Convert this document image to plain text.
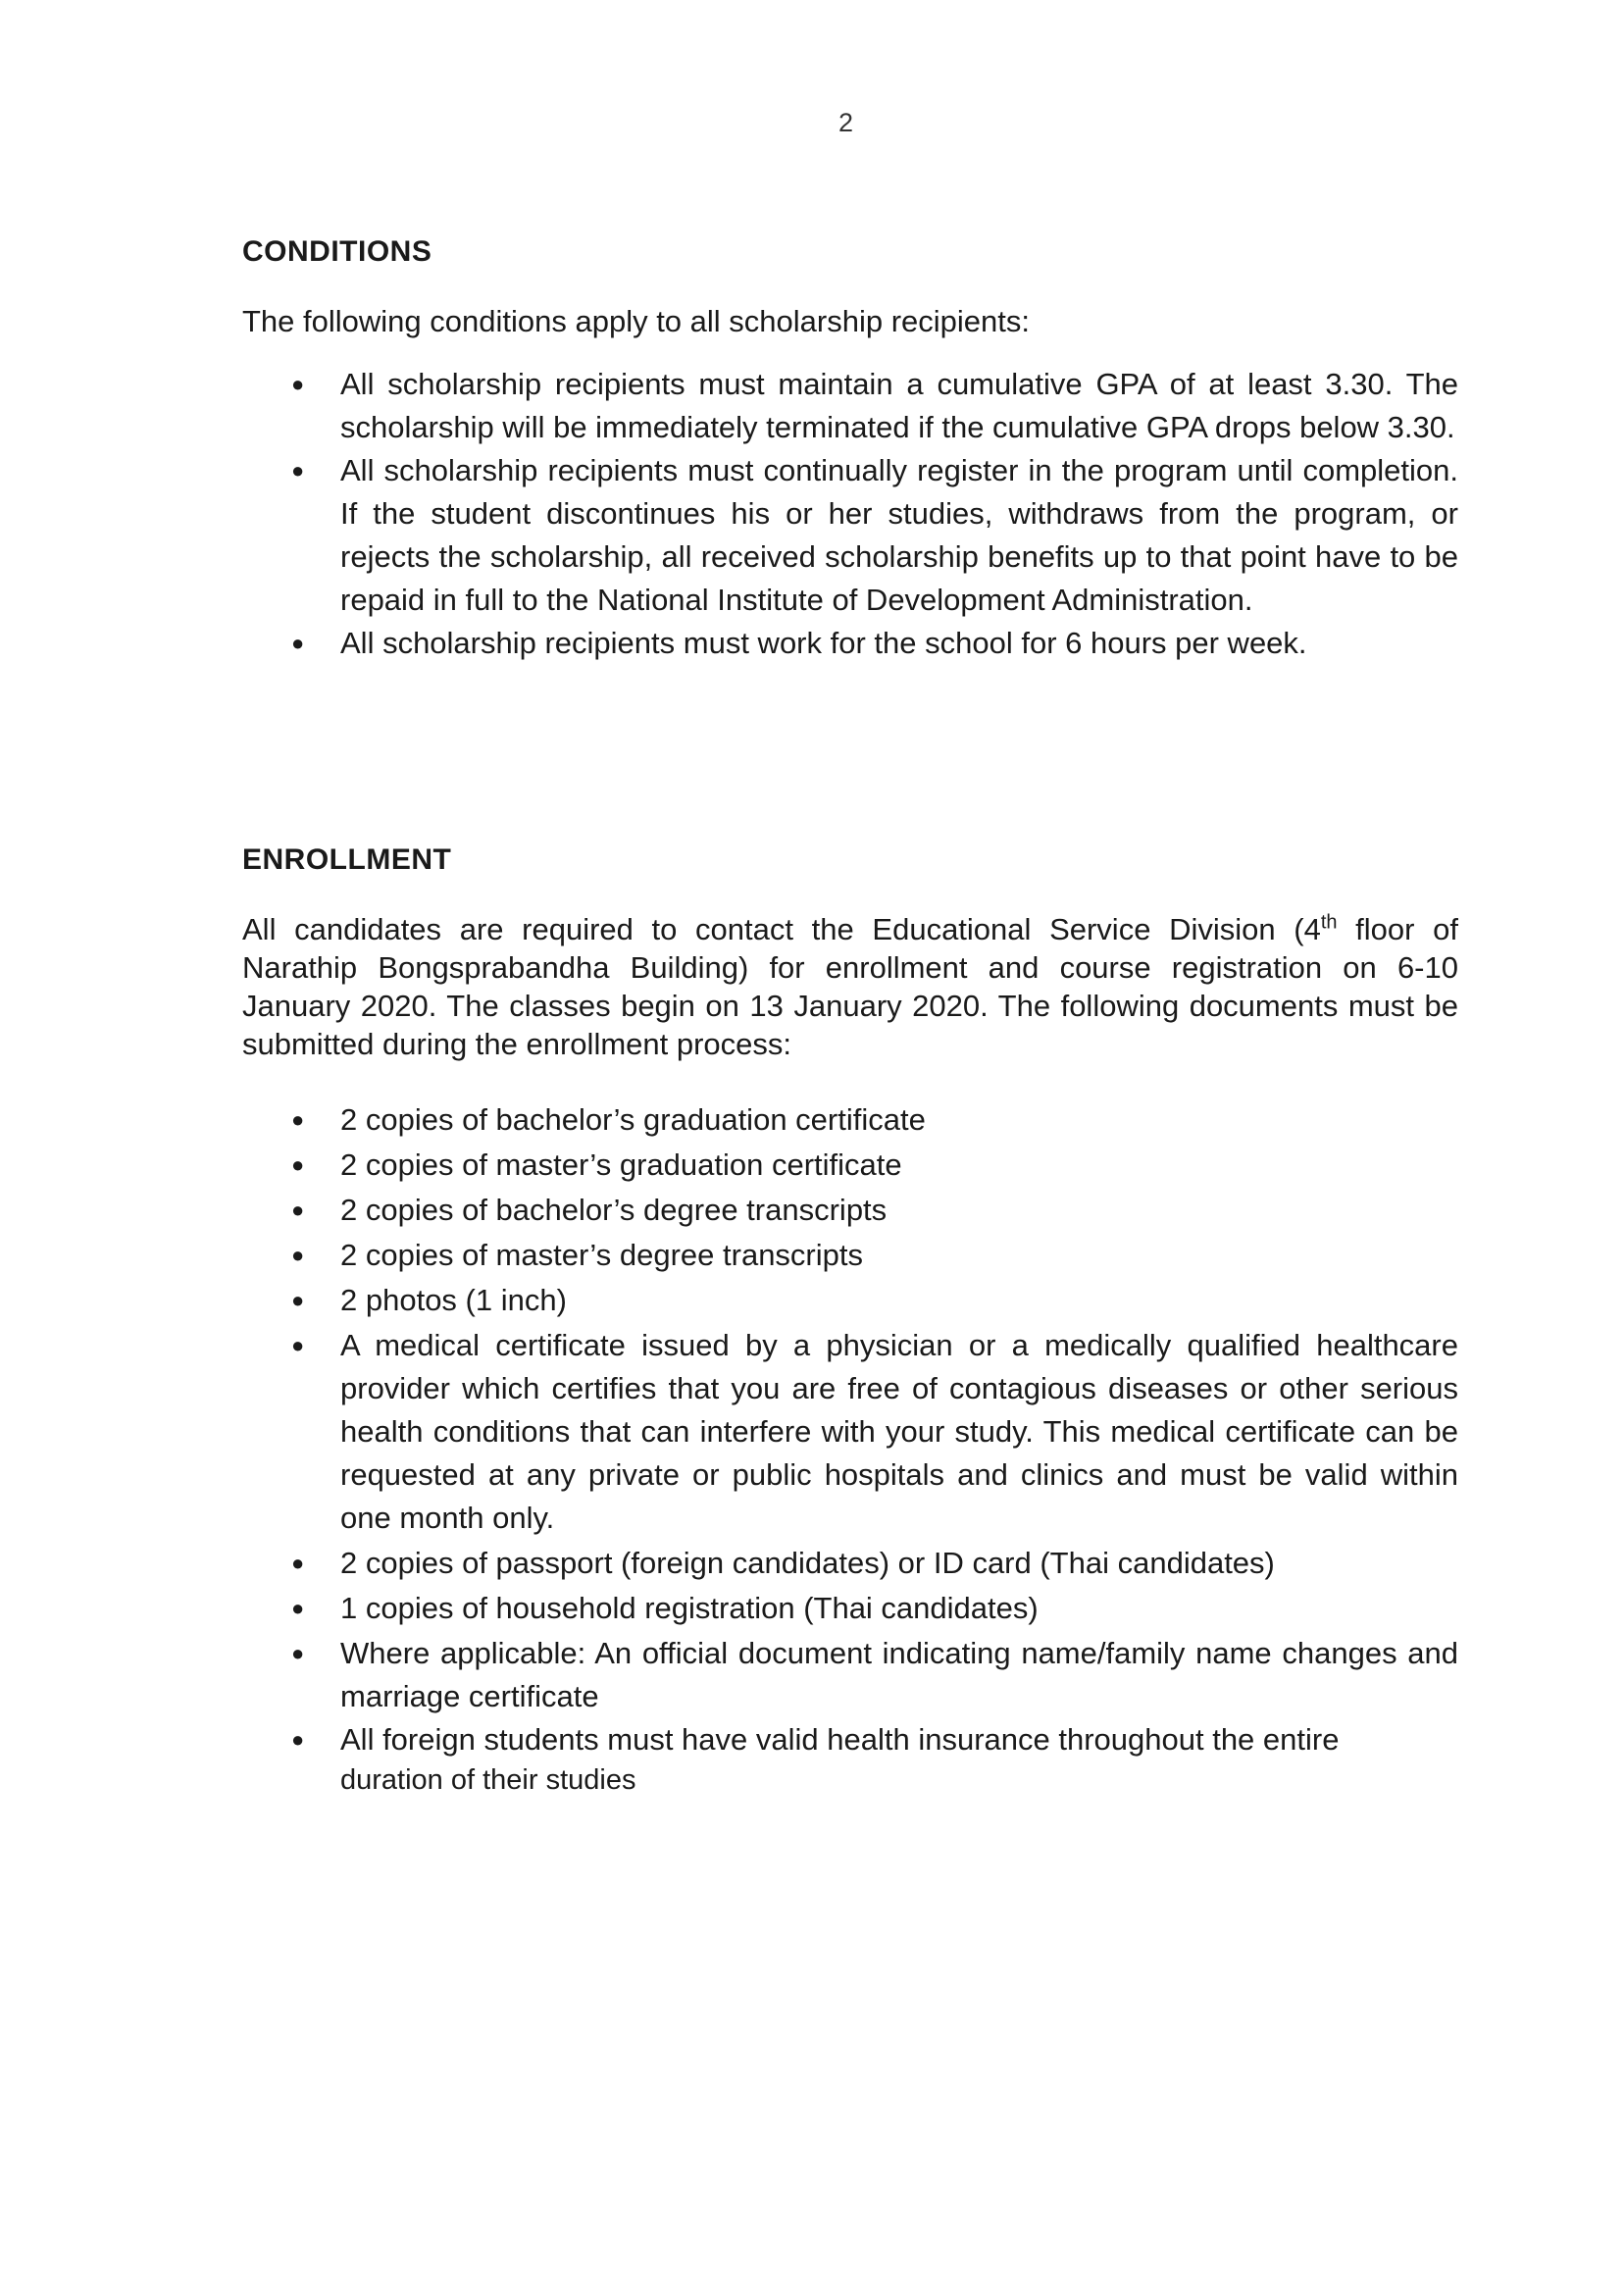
2
CONDITIONS

The following conditions apply to all scholarship recipients:

● All scholarship recipients must maintain a cumulative GPA of at least 3.30. The scholarship will be immediately terminated if the cumulative GPA drops below 3.30.
● All scholarship recipients must continually register in the program until completion. If the student discontinues his or her studies, withdraws from the program, or rejects the scholarship, all received scholarship benefits up to that point have to be repaid in full to the National Institute of Development Administration.
● All scholarship recipients must work for the school for 6 hours per week.
ENROLLMENT

All candidates are required to contact the Educational Service Division (4th floor of Narathip Bongsprabandha Building) for enrollment and course registration on 6-10 January 2020. The classes begin on 13 January 2020. The following documents must be submitted during the enrollment process:

● 2 copies of bachelor’s graduation certificate
● 2 copies of master’s graduation certificate
● 2 copies of bachelor’s degree transcripts
● 2 copies of master’s degree transcripts
● 2 photos (1 inch)
● A medical certificate issued by a physician or a medically qualified healthcare provider which certifies that you are free of contagious diseases or other serious health conditions that can interfere with your study. This medical certificate can be requested at any private or public hospitals and clinics and must be valid within one month only.
● 2 copies of passport (foreign candidates) or ID card (Thai candidates)
● 1 copies of household registration (Thai candidates)
● Where applicable: An official document indicating name/family name changes and marriage certificate
● All foreign students must have valid health insurance throughout the entire
duration of their studies
